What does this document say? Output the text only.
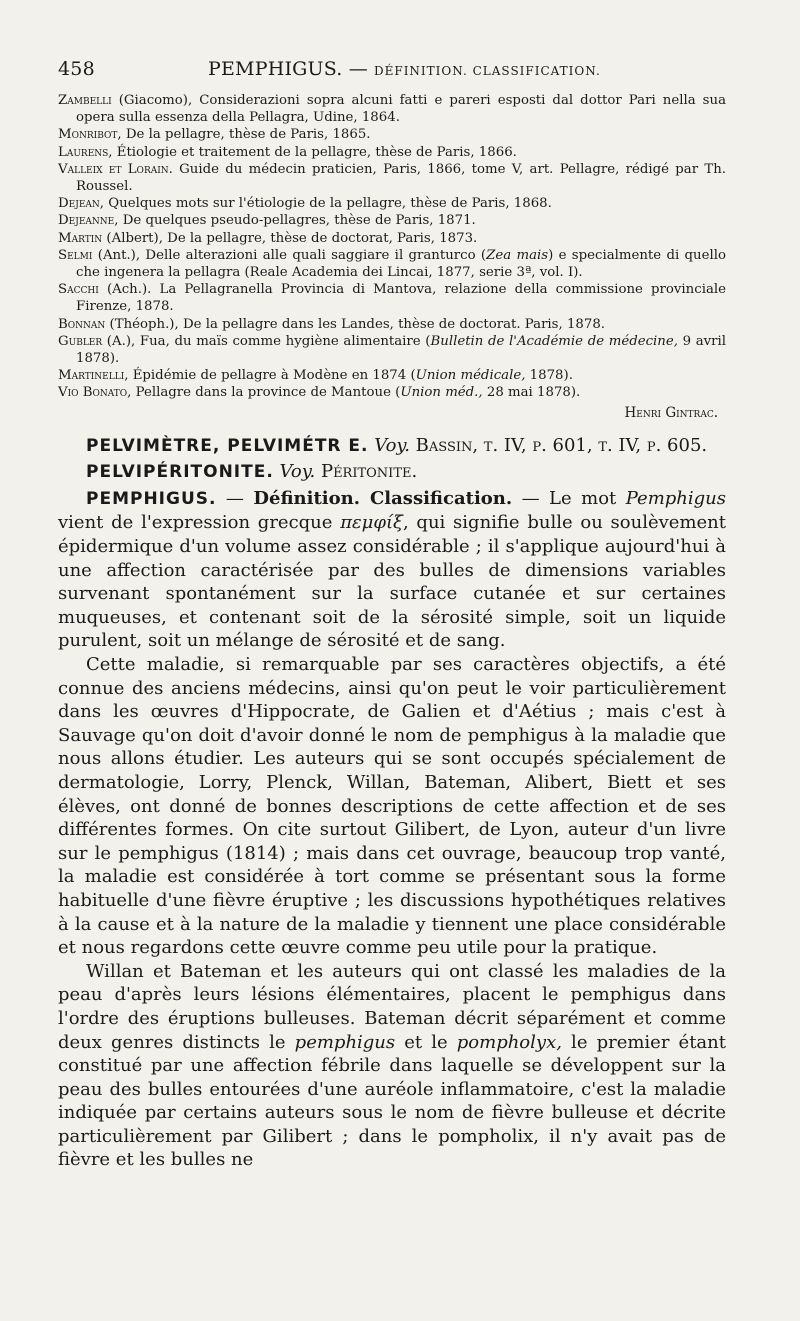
458	PEMPHIGUS. — DÉFINITION. CLASSIFICATION.
Zambelli (Giacomo), Considerazioni sopra alcuni fatti e pareri esposti dal dottor Pari nella sua opera sulla essenza della Pellagra, Udine, 1864.
Monribot, De la pellagre, thèse de Paris, 1865.
Laurens, Étiologie et traitement de la pellagre, thèse de Paris, 1866.
Valleix et Lorain. Guide du médecin praticien, Paris, 1866, tome V, art. Pellagre, rédigé par Th. Roussel.
Dejean, Quelques mots sur l'étiologie de la pellagre, thèse de Paris, 1868.
Dejeanne, De quelques pseudo-pellagres, thèse de Paris, 1871.
Martin (Albert), De la pellagre, thèse de doctorat, Paris, 1873.
Selmi (Ant.), Delle alterazioni alle quali saggiare il granturco (Zea mais) e specialmente di quello che ingenera la pellagra (Reale Academia dei Lincai, 1877, serie 3ª, vol. I).
Sacchi (Ach.). La Pellagranella Provincia di Mantova, relazione della commissione provinciale Firenze, 1878.
Bonnan (Théoph.), De la pellagre dans les Landes, thèse de doctorat. Paris, 1878.
Gubler (A.), Fua, du maïs comme hygiène alimentaire (Bulletin de l'Académie de médecine, 9 avril 1878).
Martinelli, Épidémie de pellagre à Modène en 1874 (Union médicale, 1878).
Vio Bonato, Pellagre dans la province de Mantoue (Union méd., 28 mai 1878).
Henri Gintrac.

PELVIMÈTRE, PELVIMÉTR E. Voy. Bassin, t. IV, p. 601, t. IV, p. 605.

PELVIPÉRITONITE. Voy. Péritonite.

PEMPHIGUS. — Définition. Classification. — Le mot Pemphigus vient de l'expression grecque πεμφίξ, qui signifie bulle ou soulèvement épidermique d'un volume assez considérable ; il s'applique aujourd'hui à une affection caractérisée par des bulles de dimensions variables survenant spontanément sur la surface cutanée et sur certaines muqueuses, et contenant soit de la sérosité simple, soit un liquide purulent, soit un mélange de sérosité et de sang.

Cette maladie, si remarquable par ses caractères objectifs, a été connue des anciens médecins, ainsi qu'on peut le voir particulièrement dans les œuvres d'Hippocrate, de Galien et d'Aétius ; mais c'est à Sauvage qu'on doit d'avoir donné le nom de pemphigus à la maladie que nous allons étudier. Les auteurs qui se sont occupés spécialement de dermatologie, Lorry, Plenck, Willan, Bateman, Alibert, Biett et ses élèves, ont donné de bonnes descriptions de cette affection et de ses différentes formes. On cite surtout Gilibert, de Lyon, auteur d'un livre sur le pemphigus (1814) ; mais dans cet ouvrage, beaucoup trop vanté, la maladie est considérée à tort comme se présentant sous la forme habituelle d'une fièvre éruptive ; les discussions hypothétiques relatives à la cause et à la nature de la maladie y tiennent une place considérable et nous regardons cette œuvre comme peu utile pour la pratique.

Willan et Bateman et les auteurs qui ont classé les maladies de la peau d'après leurs lésions élémentaires, placent le pemphigus dans l'ordre des éruptions bulleuses. Bateman décrit séparément et comme deux genres distincts le pemphigus et le pompholyx, le premier étant constitué par une affection fébrile dans laquelle se développent sur la peau des bulles entourées d'une auréole inflammatoire, c'est la maladie indiquée par certains auteurs sous le nom de fièvre bulleuse et décrite particulièrement par Gilibert ; dans le pompholix, il n'y avait pas de fièvre et les bulles ne
